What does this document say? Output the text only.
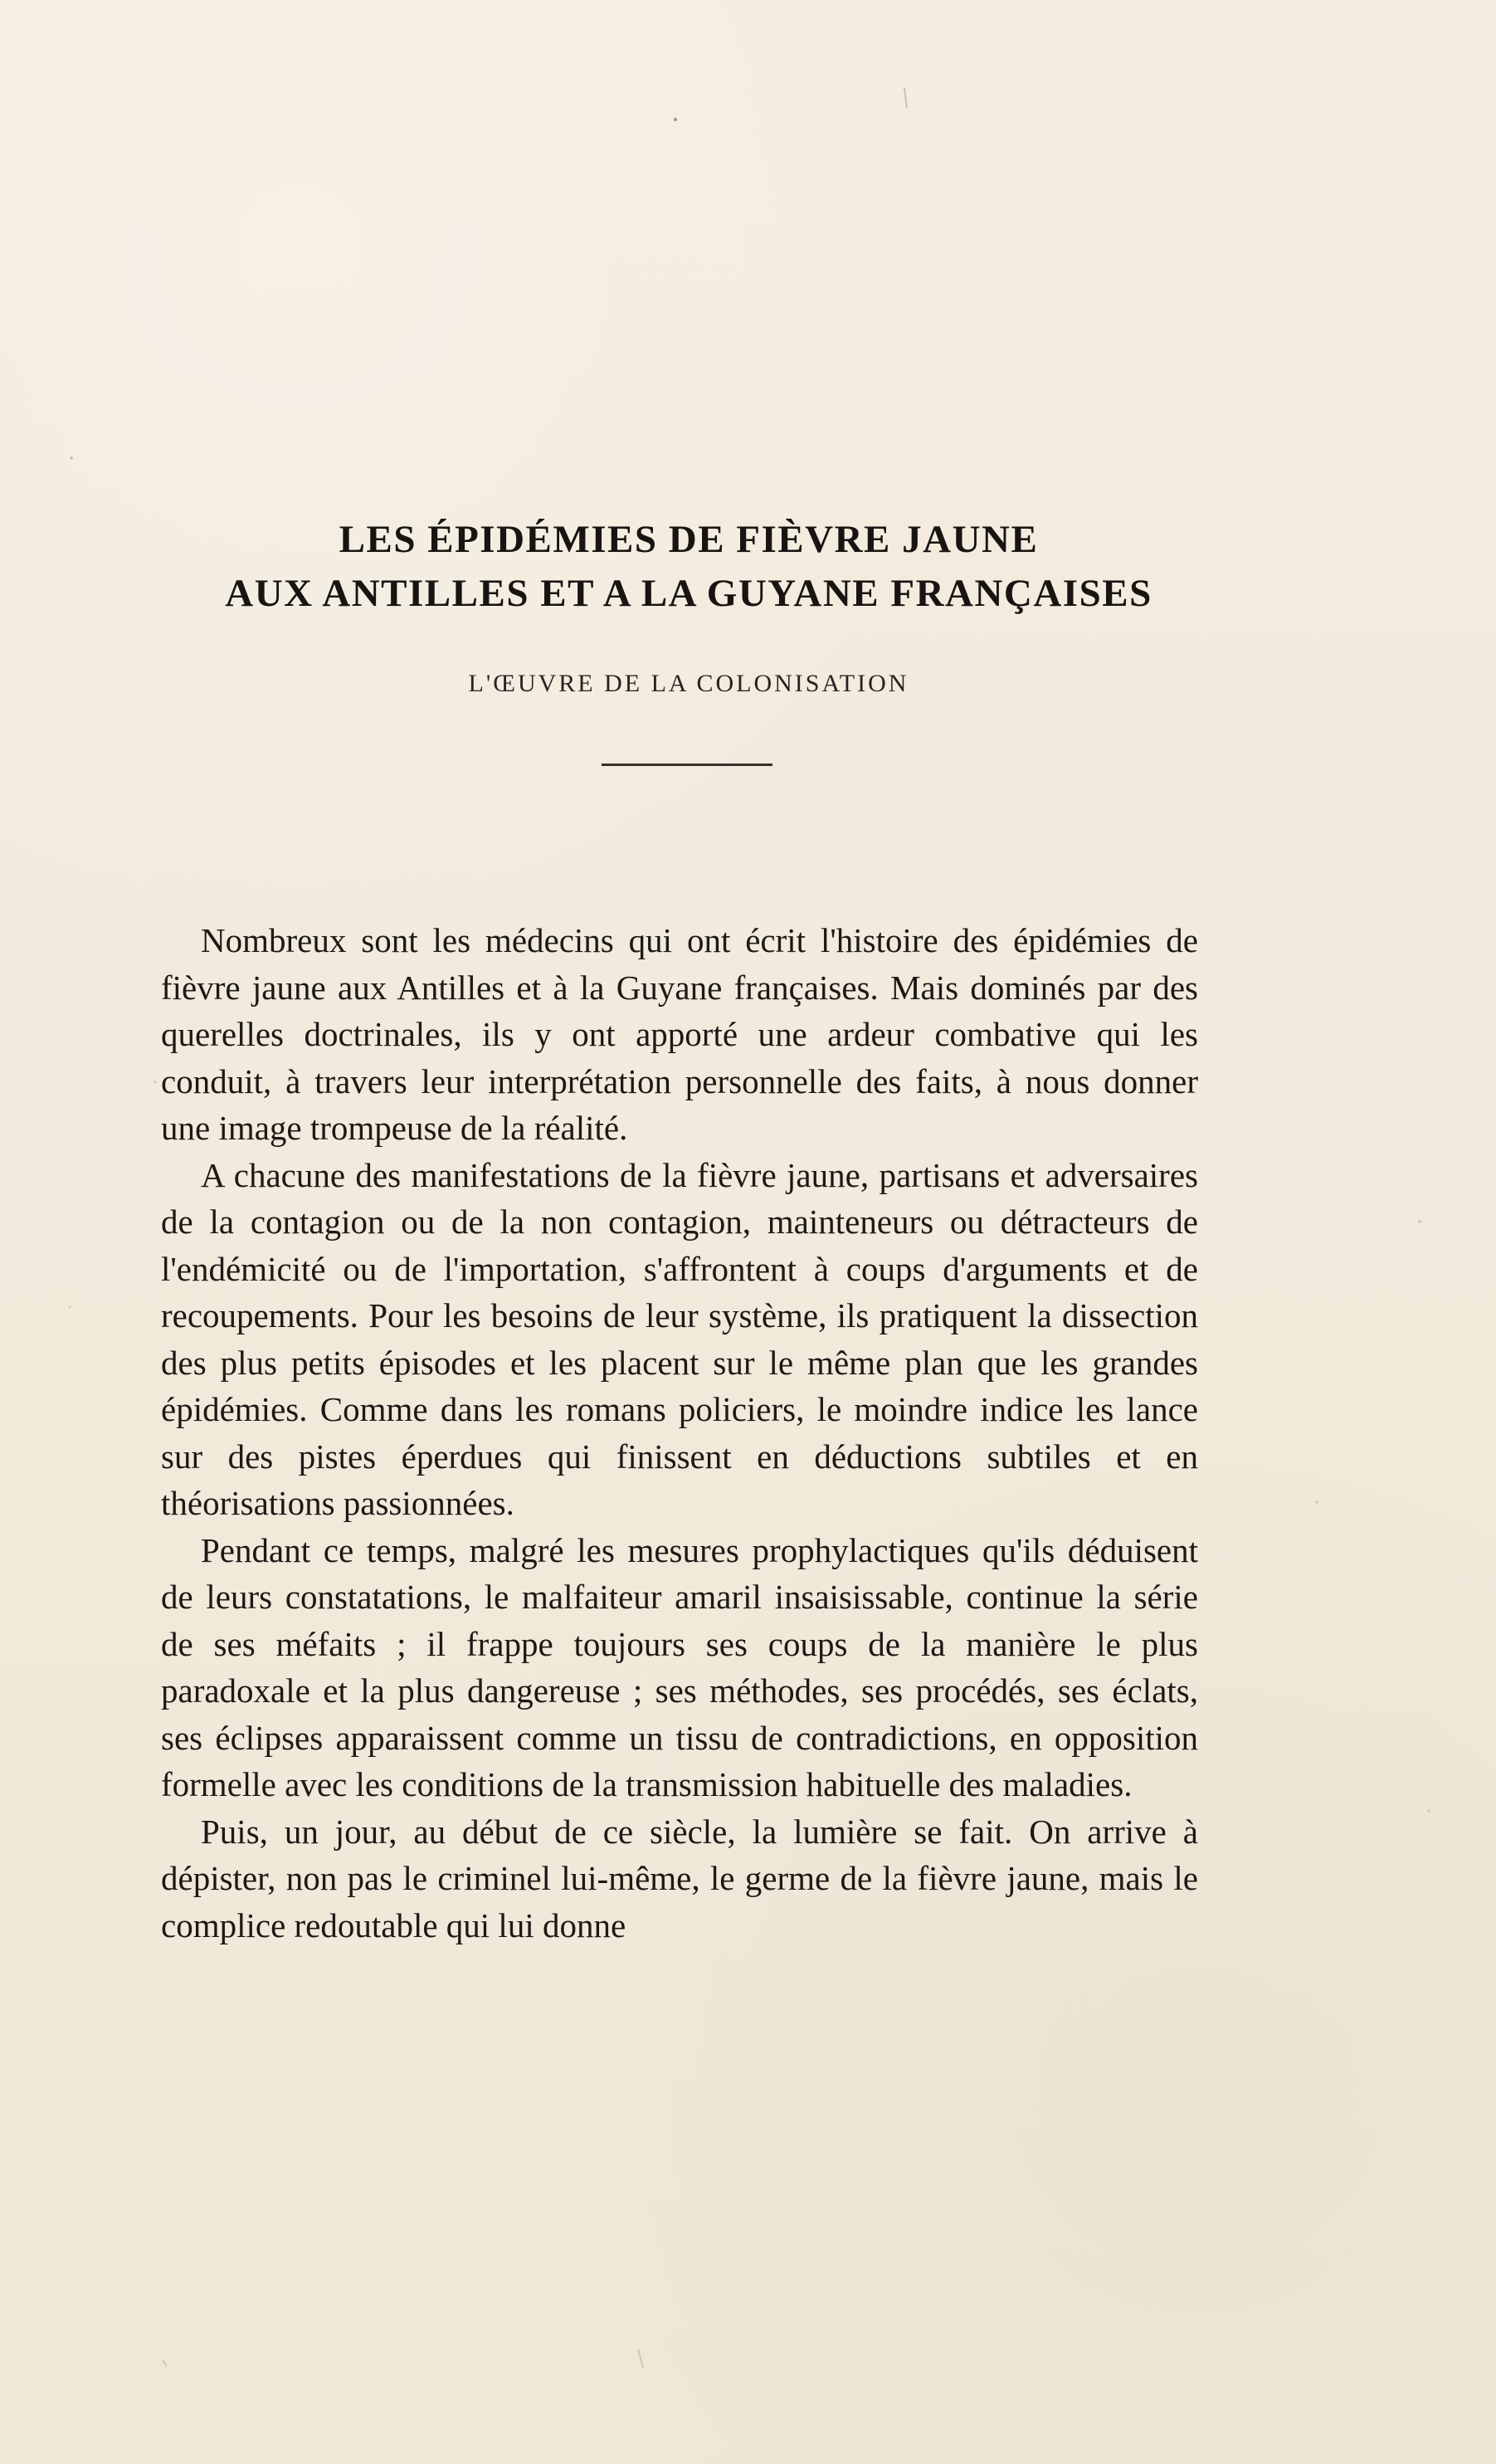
LES ÉPIDÉMIES DE FIÈVRE JAUNE
AUX ANTILLES ET A LA GUYANE FRANÇAISES
L'ŒUVRE DE LA COLONISATION

Nombreux sont les médecins qui ont écrit l'histoire des épidémies de fièvre jaune aux Antilles et à la Guyane françaises. Mais dominés par des querelles doctrinales, ils y ont apporté une ardeur combative qui les conduit, à travers leur interprétation personnelle des faits, à nous donner une image trompeuse de la réalité.

A chacune des manifestations de la fièvre jaune, partisans et adversaires de la contagion ou de la non contagion, mainteneurs ou détracteurs de l'endémicité ou de l'importation, s'affrontent à coups d'arguments et de recoupements. Pour les besoins de leur système, ils pratiquent la dissection des plus petits épisodes et les placent sur le même plan que les grandes épidémies. Comme dans les romans policiers, le moindre indice les lance sur des pistes éperdues qui finissent en déductions subtiles et en théorisations passionnées.

Pendant ce temps, malgré les mesures prophylactiques qu'ils déduisent de leurs constatations, le malfaiteur amaril insaisissable, continue la série de ses méfaits ; il frappe toujours ses coups de la manière le plus paradoxale et la plus dangereuse ; ses méthodes, ses procédés, ses éclats, ses éclipses apparaissent comme un tissu de contradictions, en opposition formelle avec les conditions de la transmission habituelle des maladies.

Puis, un jour, au début de ce siècle, la lumière se fait. On arrive à dépister, non pas le criminel lui-même, le germe de la fièvre jaune, mais le complice redoutable qui lui donne
